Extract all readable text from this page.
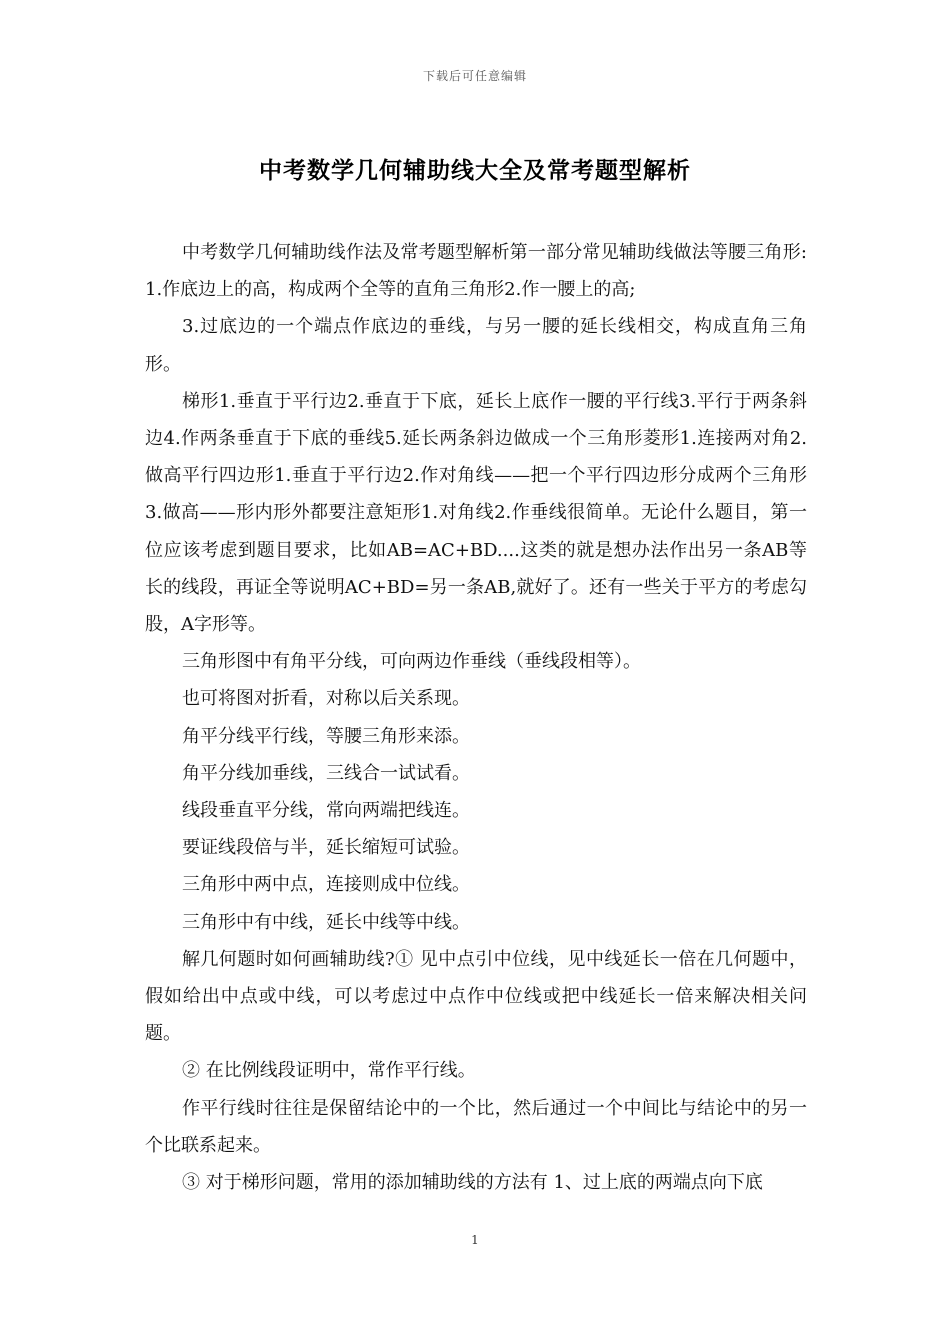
下载后可任意编辑
中考数学几何辅助线大全及常考题型解析

中考数学几何辅助线作法及常考题型解析第一部分常见辅助线做法等腰三角形:1.作底边上的高，构成两个全等的直角三角形2.作一腰上的高;

3.过底边的一个端点作底边的垂线，与另一腰的延长线相交，构成直角三角形。

梯形1.垂直于平行边2.垂直于下底，延长上底作一腰的平行线3.平行于两条斜边4.作两条垂直于下底的垂线5.延长两条斜边做成一个三角形菱形1.连接两对角2.做高平行四边形1.垂直于平行边2.作对角线——把一个平行四边形分成两个三角形3.做高——形内形外都要注意矩形1.对角线2.作垂线很简单。无论什么题目，第一位应该考虑到题目要求，比如AB=AC+BD....这类的就是想办法作出另一条AB等长的线段，再证全等说明AC+BD=另一条AB,就好了。还有一些关于平方的考虑勾股，A字形等。

三角形图中有角平分线，可向两边作垂线（垂线段相等）。

也可将图对折看，对称以后关系现。

角平分线平行线，等腰三角形来添。

角平分线加垂线，三线合一试试看。

线段垂直平分线，常向两端把线连。

要证线段倍与半，延长缩短可试验。

三角形中两中点，连接则成中位线。

三角形中有中线，延长中线等中线。

解几何题时如何画辅助线?① 见中点引中位线，见中线延长一倍在几何题中，假如给出中点或中线，可以考虑过中点作中位线或把中线延长一倍来解决相关问题。

② 在比例线段证明中，常作平行线。

作平行线时往往是保留结论中的一个比，然后通过一个中间比与结论中的另一个比联系起来。

③ 对于梯形问题，常用的添加辅助线的方法有 1、过上底的两端点向下底

1
